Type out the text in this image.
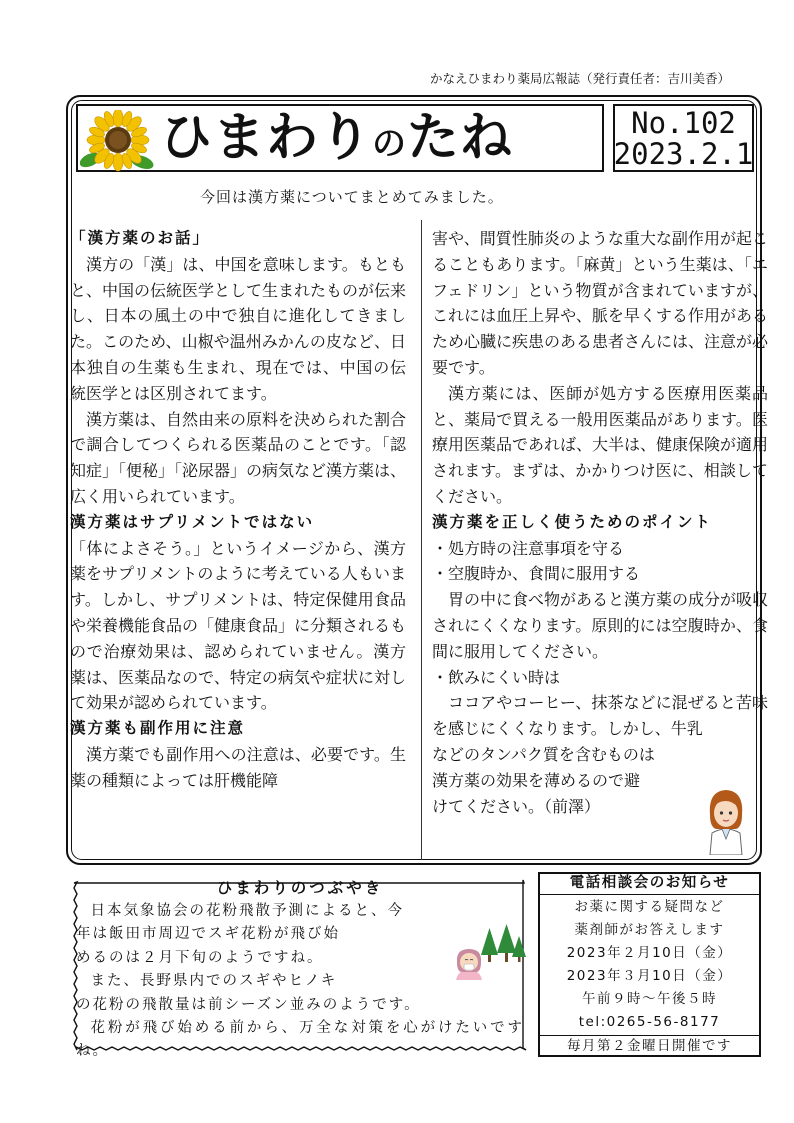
かなえひまわり薬局広報誌（発行責任者：吉川美香）
ひまわりのたね	No.102
2023.2.1
今回は漢方薬についてまとめてみました。
「漢方薬のお話」

漢方の「漢」は、中国を意味します。もともと、中国の伝統医学として生まれたものが伝来し、日本の風土の中で独自に進化してきました。このため、山椒や温州みかんの皮など、日本独自の生薬も生まれ、現在では、中国の伝統医学とは区別されてます。

漢方薬は、自然由来の原料を決められた割合で調合してつくられる医薬品のことです。「認知症」「便秘」「泌尿器」の病気など漢方薬は、広く用いられています。

漢方薬はサプリメントではない

「体によさそう。」というイメージから、漢方薬をサプリメントのように考えている人もいます。しかし、サプリメントは、特定保健用食品や栄養機能食品の「健康食品」に分類されるもので治療効果は、認められていません。漢方薬は、医薬品なので、特定の病気や症状に対して効果が認められています。

漢方薬も副作用に注意

漢方薬でも副作用への注意は、必要です。生薬の種類によっては肝機能障

害や、間質性肺炎のような重大な副作用が起こることもあります。「麻黄」という生薬は、「エフェドリン」という物質が含まれていますが、これには血圧上昇や、脈を早くする作用があるため心臓に疾患のある患者さんには、注意が必要です。

漢方薬には、医師が処方する医療用医薬品と、薬局で買える一般用医薬品があります。医療用医薬品であれば、大半は、健康保険が適用されます。まずは、かかりつけ医に、相談してください。

漢方薬を正しく使うためのポイント

・処方時の注意事項を守る

・空腹時か、食間に服用する

胃の中に食べ物があると漢方薬の成分が吸収されにくくなります。原則的には空腹時か、食間に服用してください。

・飲みにくい時は

ココアやコーヒー、抹茶などに混ぜると苦味を感じにくくなります。しかし、牛乳

などのタンパク質を含むものは

漢方薬の効果を薄めるので避

けてください。（前澤）

ひまわりのつぶやき

日本気象協会の花粉飛散予測によると、今

年は飯田市周辺でスギ花粉が飛び始

めるのは２月下旬のようですね。

また、長野県内でのスギやヒノキ

の花粉の飛散量は前シーズン並みのようです。

花粉が飛び始める前から、万全な対策を心がけたいですね。

電話相談会のお知らせ
お薬に関する疑問など
薬剤師がお答えします
2023年２月10日（金）
2023年３月10日（金）
午前９時～午後５時
tel:0265-56-8177
毎月第２金曜日開催です
